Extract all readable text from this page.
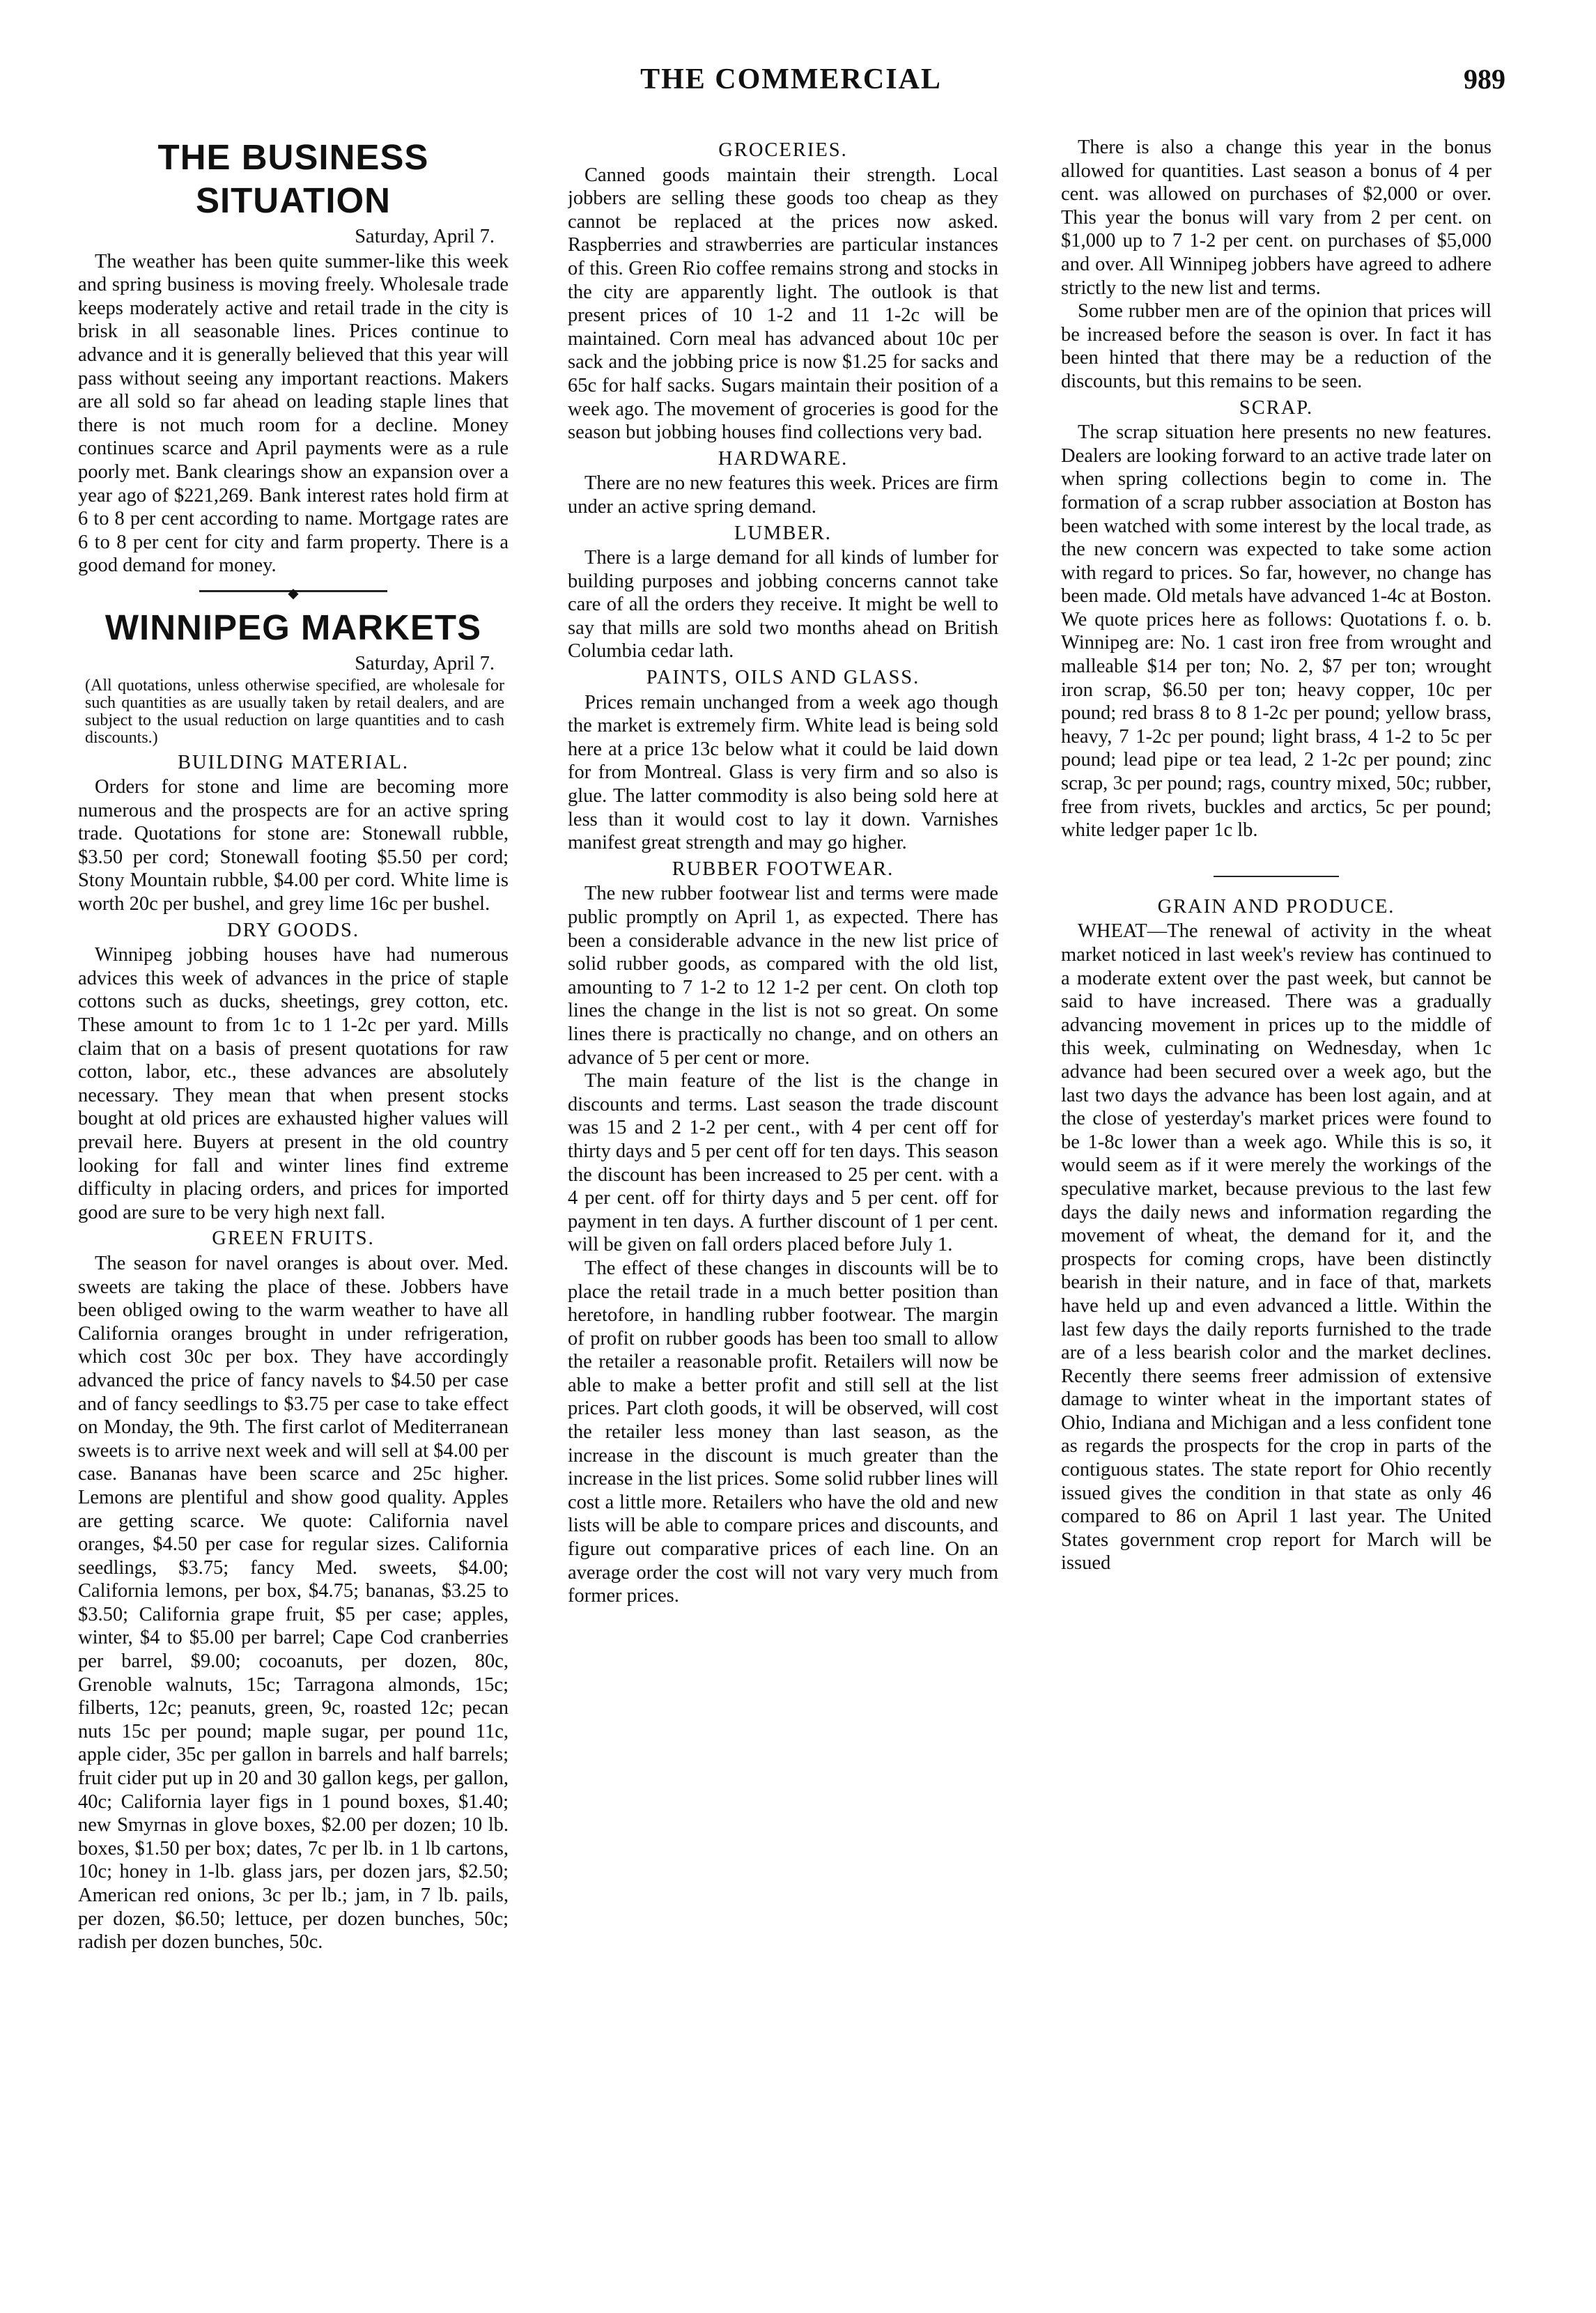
THE COMMERCIAL	989
THE BUSINESS SITUATION
Saturday, April 7.

The weather has been quite summer-like this week and spring business is moving freely. Wholesale trade keeps moderately active and retail trade in the city is brisk in all seasonable lines. Prices continue to advance and it is generally believed that this year will pass without seeing any important reactions. Makers are all sold so far ahead on leading staple lines that there is not much room for a decline. Money continues scarce and April payments were as a rule poorly met. Bank clearings show an expansion over a year ago of $221,269. Bank interest rates hold firm at 6 to 8 per cent according to name. Mortgage rates are 6 to 8 per cent for city and farm property. There is a good demand for money.

◆
WINNIPEG MARKETS
Saturday, April 7.
(All quotations, unless otherwise specified, are wholesale for such quantities as are usually taken by retail dealers, and are subject to the usual reduction on large quantities and to cash discounts.)
BUILDING MATERIAL.

Orders for stone and lime are becoming more numerous and the prospects are for an active spring trade. Quotations for stone are: Stonewall rubble, $3.50 per cord; Stonewall footing $5.50 per cord; Stony Mountain rubble, $4.00 per cord. White lime is worth 20c per bushel, and grey lime 16c per bushel.

DRY GOODS.

Winnipeg jobbing houses have had numerous advices this week of advances in the price of staple cottons such as ducks, sheetings, grey cotton, etc. These amount to from 1c to 1 1-2c per yard. Mills claim that on a basis of present quotations for raw cotton, labor, etc., these advances are absolutely necessary. They mean that when present stocks bought at old prices are exhausted higher values will prevail here. Buyers at present in the old country looking for fall and winter lines find extreme difficulty in placing orders, and prices for imported good are sure to be very high next fall.

GREEN FRUITS.

The season for navel oranges is about over. Med. sweets are taking the place of these. Jobbers have been obliged owing to the warm weather to have all California oranges brought in under refrigeration, which cost 30c per box. They have accordingly advanced the price of fancy navels to $4.50 per case and of fancy seedlings to $3.75 per case to take effect on Monday, the 9th. The first carlot of Mediterranean sweets is to arrive next week and will sell at $4.00 per case. Bananas have been scarce and 25c higher. Lemons are plentiful and show good quality. Apples are getting scarce. We quote: California navel oranges, $4.50 per case for regular sizes. California seedlings, $3.75; fancy Med. sweets, $4.00; California lemons, per box, $4.75; bananas, $3.25 to $3.50; California grape fruit, $5 per case; apples, winter, $4 to $5.00 per barrel; Cape Cod cranberries per barrel, $9.00; cocoanuts, per dozen, 80c, Grenoble walnuts, 15c; Tarragona almonds, 15c; filberts, 12c; peanuts, green, 9c, roasted 12c; pecan nuts 15c per pound; maple sugar, per pound 11c, apple cider, 35c per gallon in barrels and half barrels; fruit cider put up in 20 and 30 gallon kegs, per gallon, 40c; California layer figs in 1 pound boxes, $1.40; new Smyrnas in glove boxes, $2.00 per dozen; 10 lb. boxes, $1.50 per box; dates, 7c per lb. in 1 lb cartons, 10c; honey in 1-lb. glass jars, per dozen jars, $2.50; American red onions, 3c per lb.; jam, in 7 lb. pails, per dozen, $6.50; lettuce, per dozen bunches, 50c; radish per dozen bunches, 50c.

GROCERIES.

Canned goods maintain their strength. Local jobbers are selling these goods too cheap as they cannot be replaced at the prices now asked. Raspberries and strawberries are particular instances of this. Green Rio coffee remains strong and stocks in the city are apparently light. The outlook is that present prices of 10 1-2 and 11 1-2c will be maintained. Corn meal has advanced about 10c per sack and the jobbing price is now $1.25 for sacks and 65c for half sacks. Sugars maintain their position of a week ago. The movement of groceries is good for the season but jobbing houses find collections very bad.

HARDWARE.

There are no new features this week. Prices are firm under an active spring demand.

LUMBER.

There is a large demand for all kinds of lumber for building purposes and jobbing concerns cannot take care of all the orders they receive. It might be well to say that mills are sold two months ahead on British Columbia cedar lath.

PAINTS, OILS AND GLASS.

Prices remain unchanged from a week ago though the market is extremely firm. White lead is being sold here at a price 13c below what it could be laid down for from Montreal. Glass is very firm and so also is glue. The latter commodity is also being sold here at less than it would cost to lay it down. Varnishes manifest great strength and may go higher.

RUBBER FOOTWEAR.

The new rubber footwear list and terms were made public promptly on April 1, as expected. There has been a considerable advance in the new list price of solid rubber goods, as compared with the old list, amounting to 7 1-2 to 12 1-2 per cent. On cloth top lines the change in the list is not so great. On some lines there is practically no change, and on others an advance of 5 per cent or more.

The main feature of the list is the change in discounts and terms. Last season the trade discount was 15 and 2 1-2 per cent., with 4 per cent off for thirty days and 5 per cent off for ten days. This season the discount has been increased to 25 per cent. with a 4 per cent. off for thirty days and 5 per cent. off for payment in ten days. A further discount of 1 per cent. will be given on fall orders placed before July 1.

The effect of these changes in discounts will be to place the retail trade in a much better position than heretofore, in handling rubber footwear. The margin of profit on rubber goods has been too small to allow the retailer a reasonable profit. Retailers will now be able to make a better profit and still sell at the list prices. Part cloth goods, it will be observed, will cost the retailer less money than last season, as the increase in the discount is much greater than the increase in the list prices. Some solid rubber lines will cost a little more. Retailers who have the old and new lists will be able to compare prices and discounts, and figure out comparative prices of each line. On an average order the cost will not vary very much from former prices.

There is also a change this year in the bonus allowed for quantities. Last season a bonus of 4 per cent. was allowed on purchases of $2,000 or over. This year the bonus will vary from 2 per cent. on $1,000 up to 7 1-2 per cent. on purchases of $5,000 and over. All Winnipeg jobbers have agreed to adhere strictly to the new list and terms.

Some rubber men are of the opinion that prices will be increased before the season is over. In fact it has been hinted that there may be a reduction of the discounts, but this remains to be seen.

SCRAP.

The scrap situation here presents no new features. Dealers are looking forward to an active trade later on when spring collections begin to come in. The formation of a scrap rubber association at Boston has been watched with some interest by the local trade, as the new concern was expected to take some action with regard to prices. So far, however, no change has been made. Old metals have advanced 1-4c at Boston. We quote prices here as follows: Quotations f. o. b. Winnipeg are: No. 1 cast iron free from wrought and malleable $14 per ton; No. 2, $7 per ton; wrought iron scrap, $6.50 per ton; heavy copper, 10c per pound; red brass 8 to 8 1-2c per pound; yellow brass, heavy, 7 1-2c per pound; light brass, 4 1-2 to 5c per pound; lead pipe or tea lead, 2 1-2c per pound; zinc scrap, 3c per pound; rags, country mixed, 50c; rubber, free from rivets, buckles and arctics, 5c per pound; white ledger paper 1c lb.

GRAIN AND PRODUCE.

WHEAT—The renewal of activity in the wheat market noticed in last week's review has continued to a moderate extent over the past week, but cannot be said to have increased. There was a gradually advancing movement in prices up to the middle of this week, culminating on Wednesday, when 1c advance had been secured over a week ago, but the last two days the advance has been lost again, and at the close of yesterday's market prices were found to be 1-8c lower than a week ago. While this is so, it would seem as if it were merely the workings of the speculative market, because previous to the last few days the daily news and information regarding the movement of wheat, the demand for it, and the prospects for coming crops, have been distinctly bearish in their nature, and in face of that, markets have held up and even advanced a little. Within the last few days the daily reports furnished to the trade are of a less bearish color and the market declines. Recently there seems freer admission of extensive damage to winter wheat in the important states of Ohio, Indiana and Michigan and a less confident tone as regards the prospects for the crop in parts of the contiguous states. The state report for Ohio recently issued gives the condition in that state as only 46 compared to 86 on April 1 last year. The United States government crop report for March will be issued
